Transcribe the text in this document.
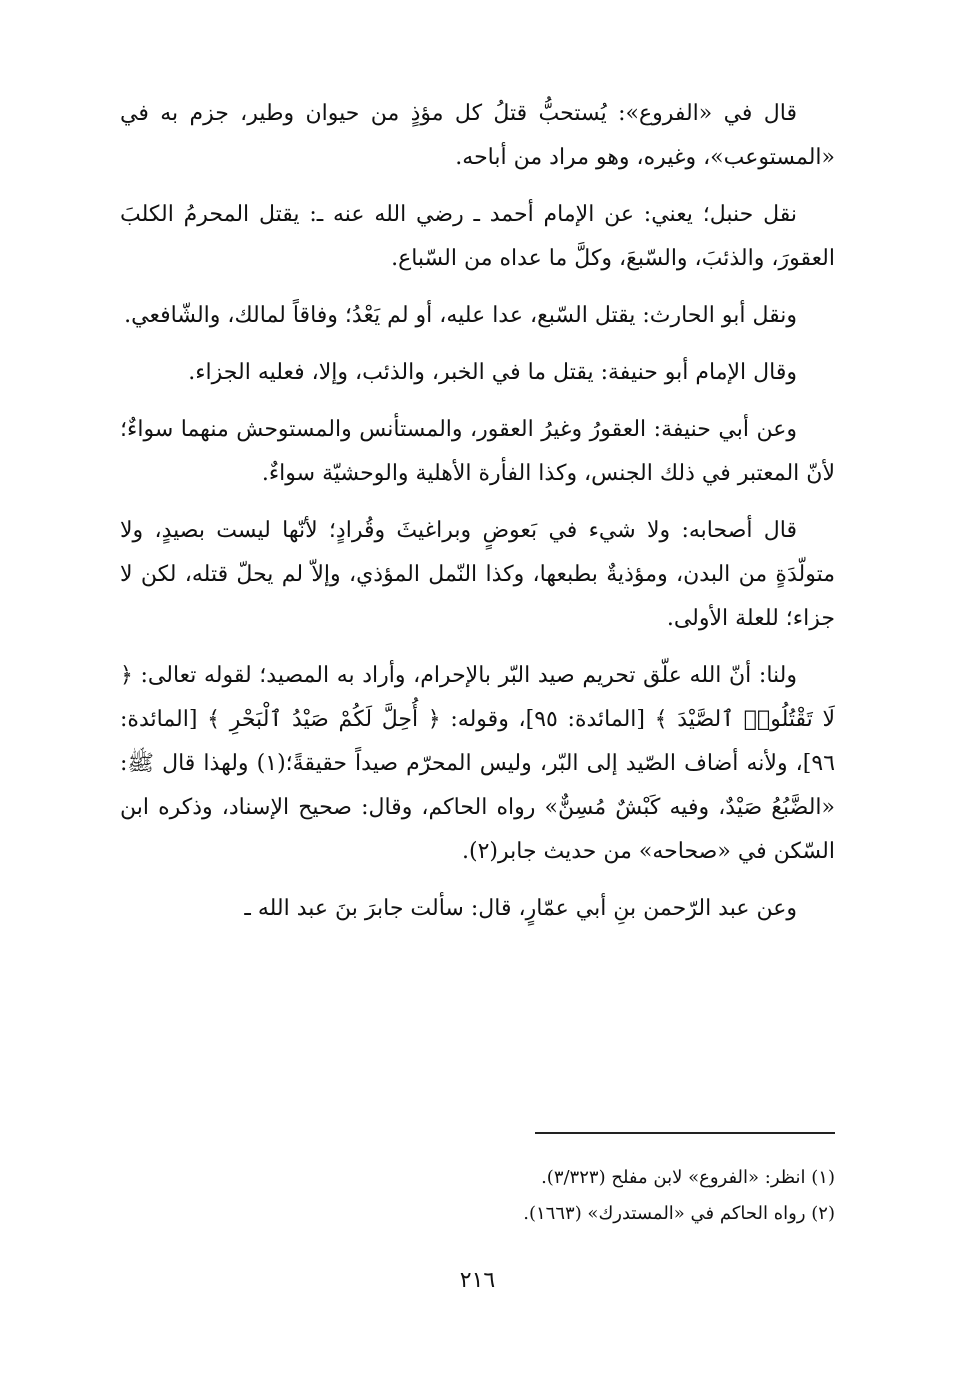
قال في «الفروع»: يُستحبُّ قتلُ كل مؤذٍ من حيوان وطير، جزم به في «المستوعب»، وغيره، وهو مراد من أباحه.

نقل حنبل؛ يعني: عن الإمام أحمد ـ رضي الله عنه ـ: يقتل المحرمُ الكلبَ العقورَ، والذئبَ، والسّبعَ، وكلَّ ما عداه من السّباع.

ونقل أبو الحارث: يقتل السّبع، عدا عليه، أو لم يَعْدُ؛ وفاقاً لمالك، والشّافعي.

وقال الإمام أبو حنيفة: يقتل ما في الخبر، والذئب، وإلا، فعليه الجزاء.

وعن أبي حنيفة: العقورُ وغيرُ العقور، والمستأنس والمستوحش منهما سواءٌ؛ لأنّ المعتبر في ذلك الجنس، وكذا الفأرة الأهلية والوحشيّة سواءٌ.

قال أصحابه: ولا شيء في بَعوضٍ وبراغيثَ وقُرادٍ؛ لأنّها ليست بصيدٍ، ولا متولّدَةٍ من البدن، ومؤذيةٌ بطبعها، وكذا النّمل المؤذي، وإلاّ لم يحلّ قتله، لكن لا جزاء؛ للعلة الأولى.

ولنا: أنّ الله علّق تحريم صيد البّر بالإحرام، وأراد به المصيد؛ لقوله تعالى: ﴿ لَا تَقْتُلُوا۟ ٱلصَّيْدَ ﴾ [المائدة: ٩٥]، وقوله: ﴿ أُحِلَّ لَكُمْ صَيْدُ ٱلْبَحْرِ ﴾ [المائدة: ٩٦]، ولأنه أضاف الصّيد إلى البّر، وليس المحرّم صيداً حقيقةً؛(١) ولهذا قال ﷺ: «الضَّبُعُ صَيْدٌ، وفيه كَبْشٌ مُسِنٌّ» رواه الحاكم، وقال: صحيح الإسناد، وذكره ابن السّكن في «صحاحه» من حديث جابر(٢).

وعن عبد الرّحمن بنِ أبي عمّارٍ، قال: سألت جابرَ بنَ عبد الله ـ

(١) انظر: «الفروع» لابن مفلح (٣/٣٢٣).

(٢) رواه الحاكم في «المستدرك» (١٦٦٣).

٢١٦
